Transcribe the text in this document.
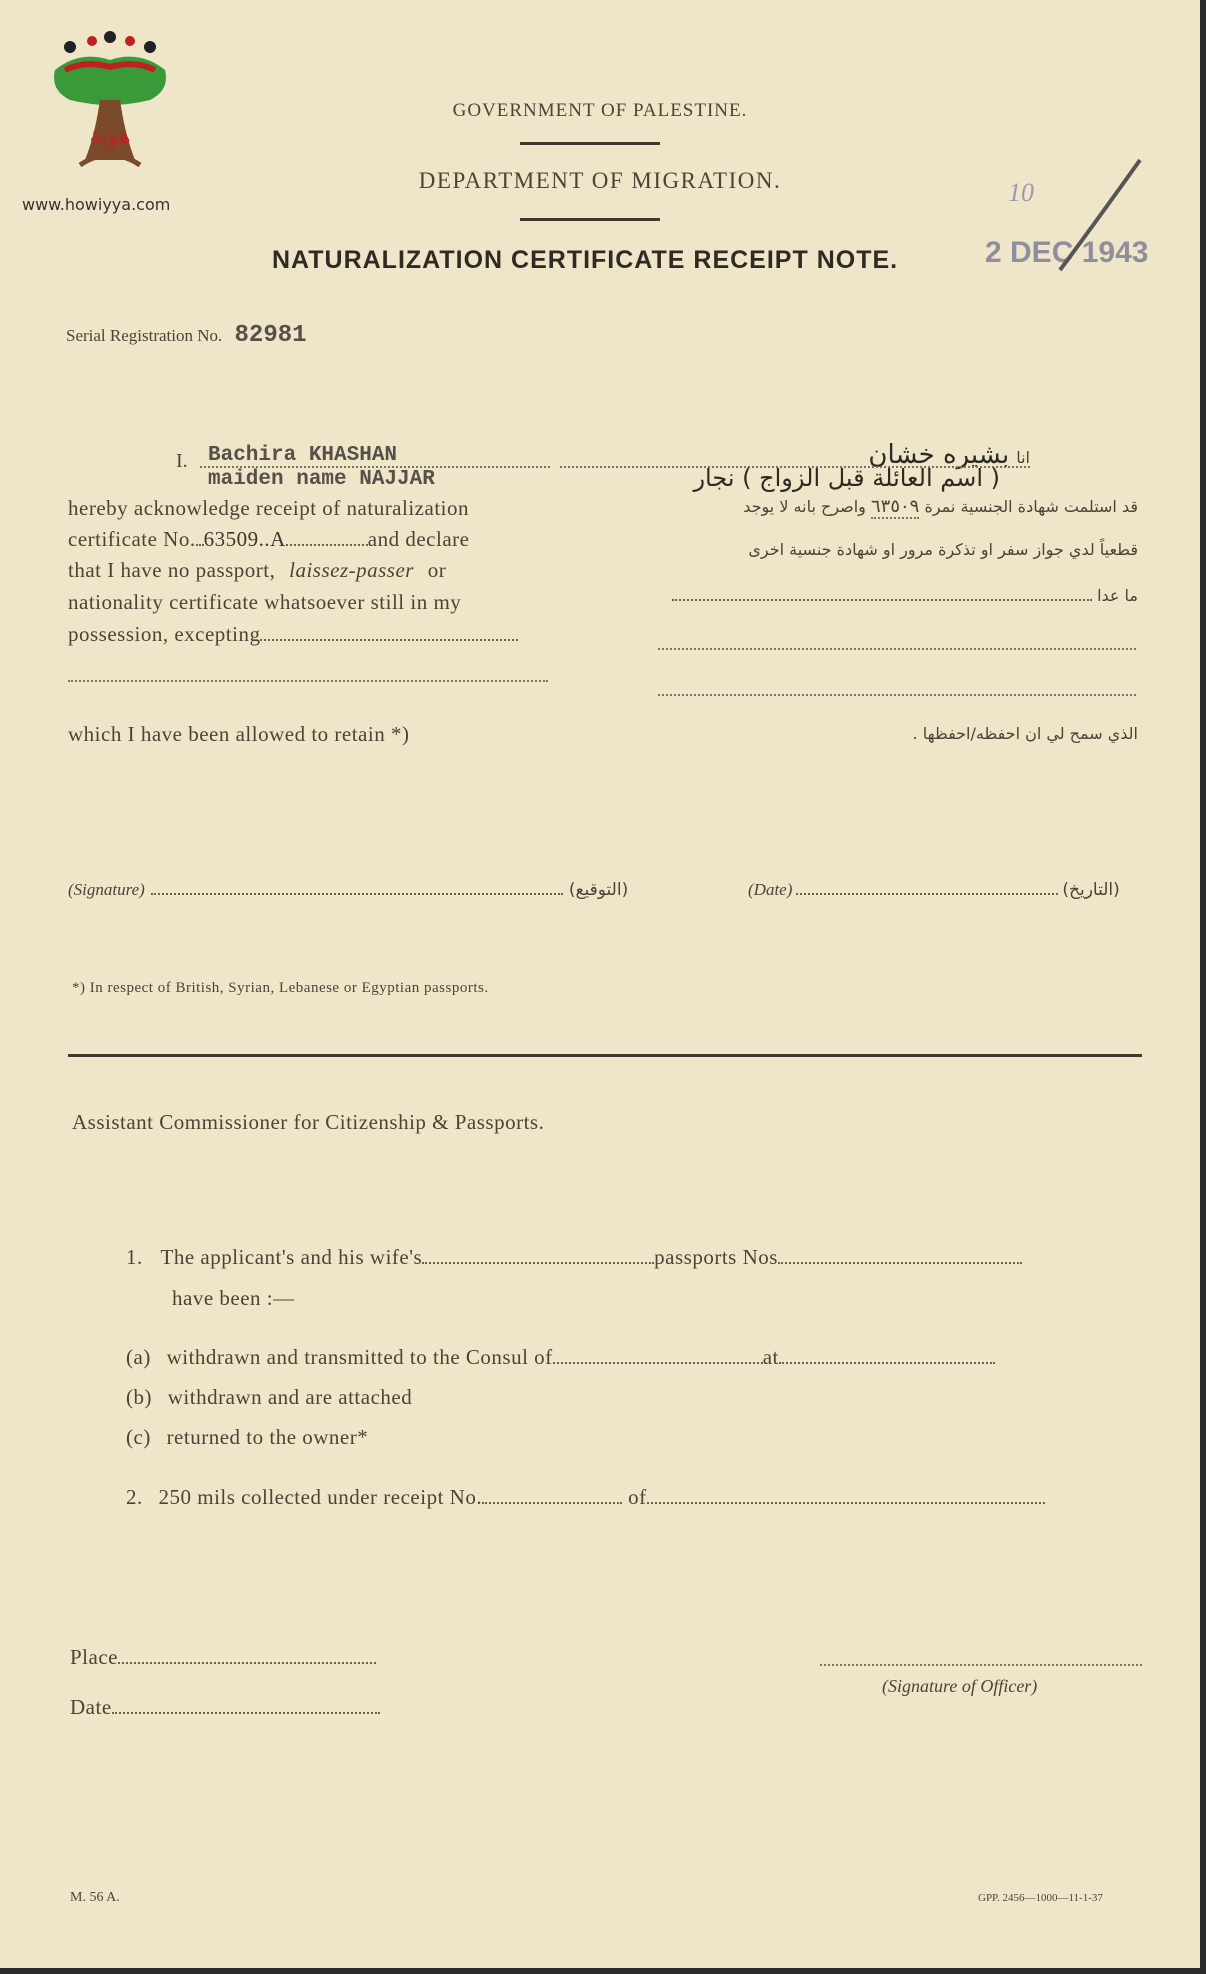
هوية
www.howiyya.com
GOVERNMENT OF PALESTINE.
DEPARTMENT OF MIGRATION.
NATURALIZATION CERTIFICATE RECEIPT NOTE.	2 DEC 1943
10
Serial Registration No. 82981
I. Bachira KHASHAN
maiden name NAJJAR
hereby acknowledge receipt of naturalization
certificate No. 63509..A	and declare
that I have no passport, laissez-passer or
nationality certificate whatsoever still in my
possession, excepting
which I have been allowed to retain *)
انا بشيره خشان
( اسم العائلة قبل الزواج ) نجار
قد استلمت شهادة الجنسية نمرة ٦٣٥٠٩ واصرح بانه لا يوجد
قطعياً لدي جواز سفر او تذكرة مرور او شهادة جنسية اخرى
ما عدا
الذي سمح لي ان احفظه/احفظها .
(Signature)	(التوقيع)	(Date)	(التاريخ)
*) In respect of British, Syrian, Lebanese or Egyptian passports.
Assistant Commissioner for Citizenship & Passports.
1. The applicant's and his wife's	passports Nos
have been :—
(a) withdrawn and transmitted to the Consul of	at
(b) withdrawn and are attached
(c) returned to the owner*
2. 250 mils collected under receipt No.	of
Place
Date
(Signature of Officer)
M. 56 A.	GPP. 2456—1000—11-1-37
